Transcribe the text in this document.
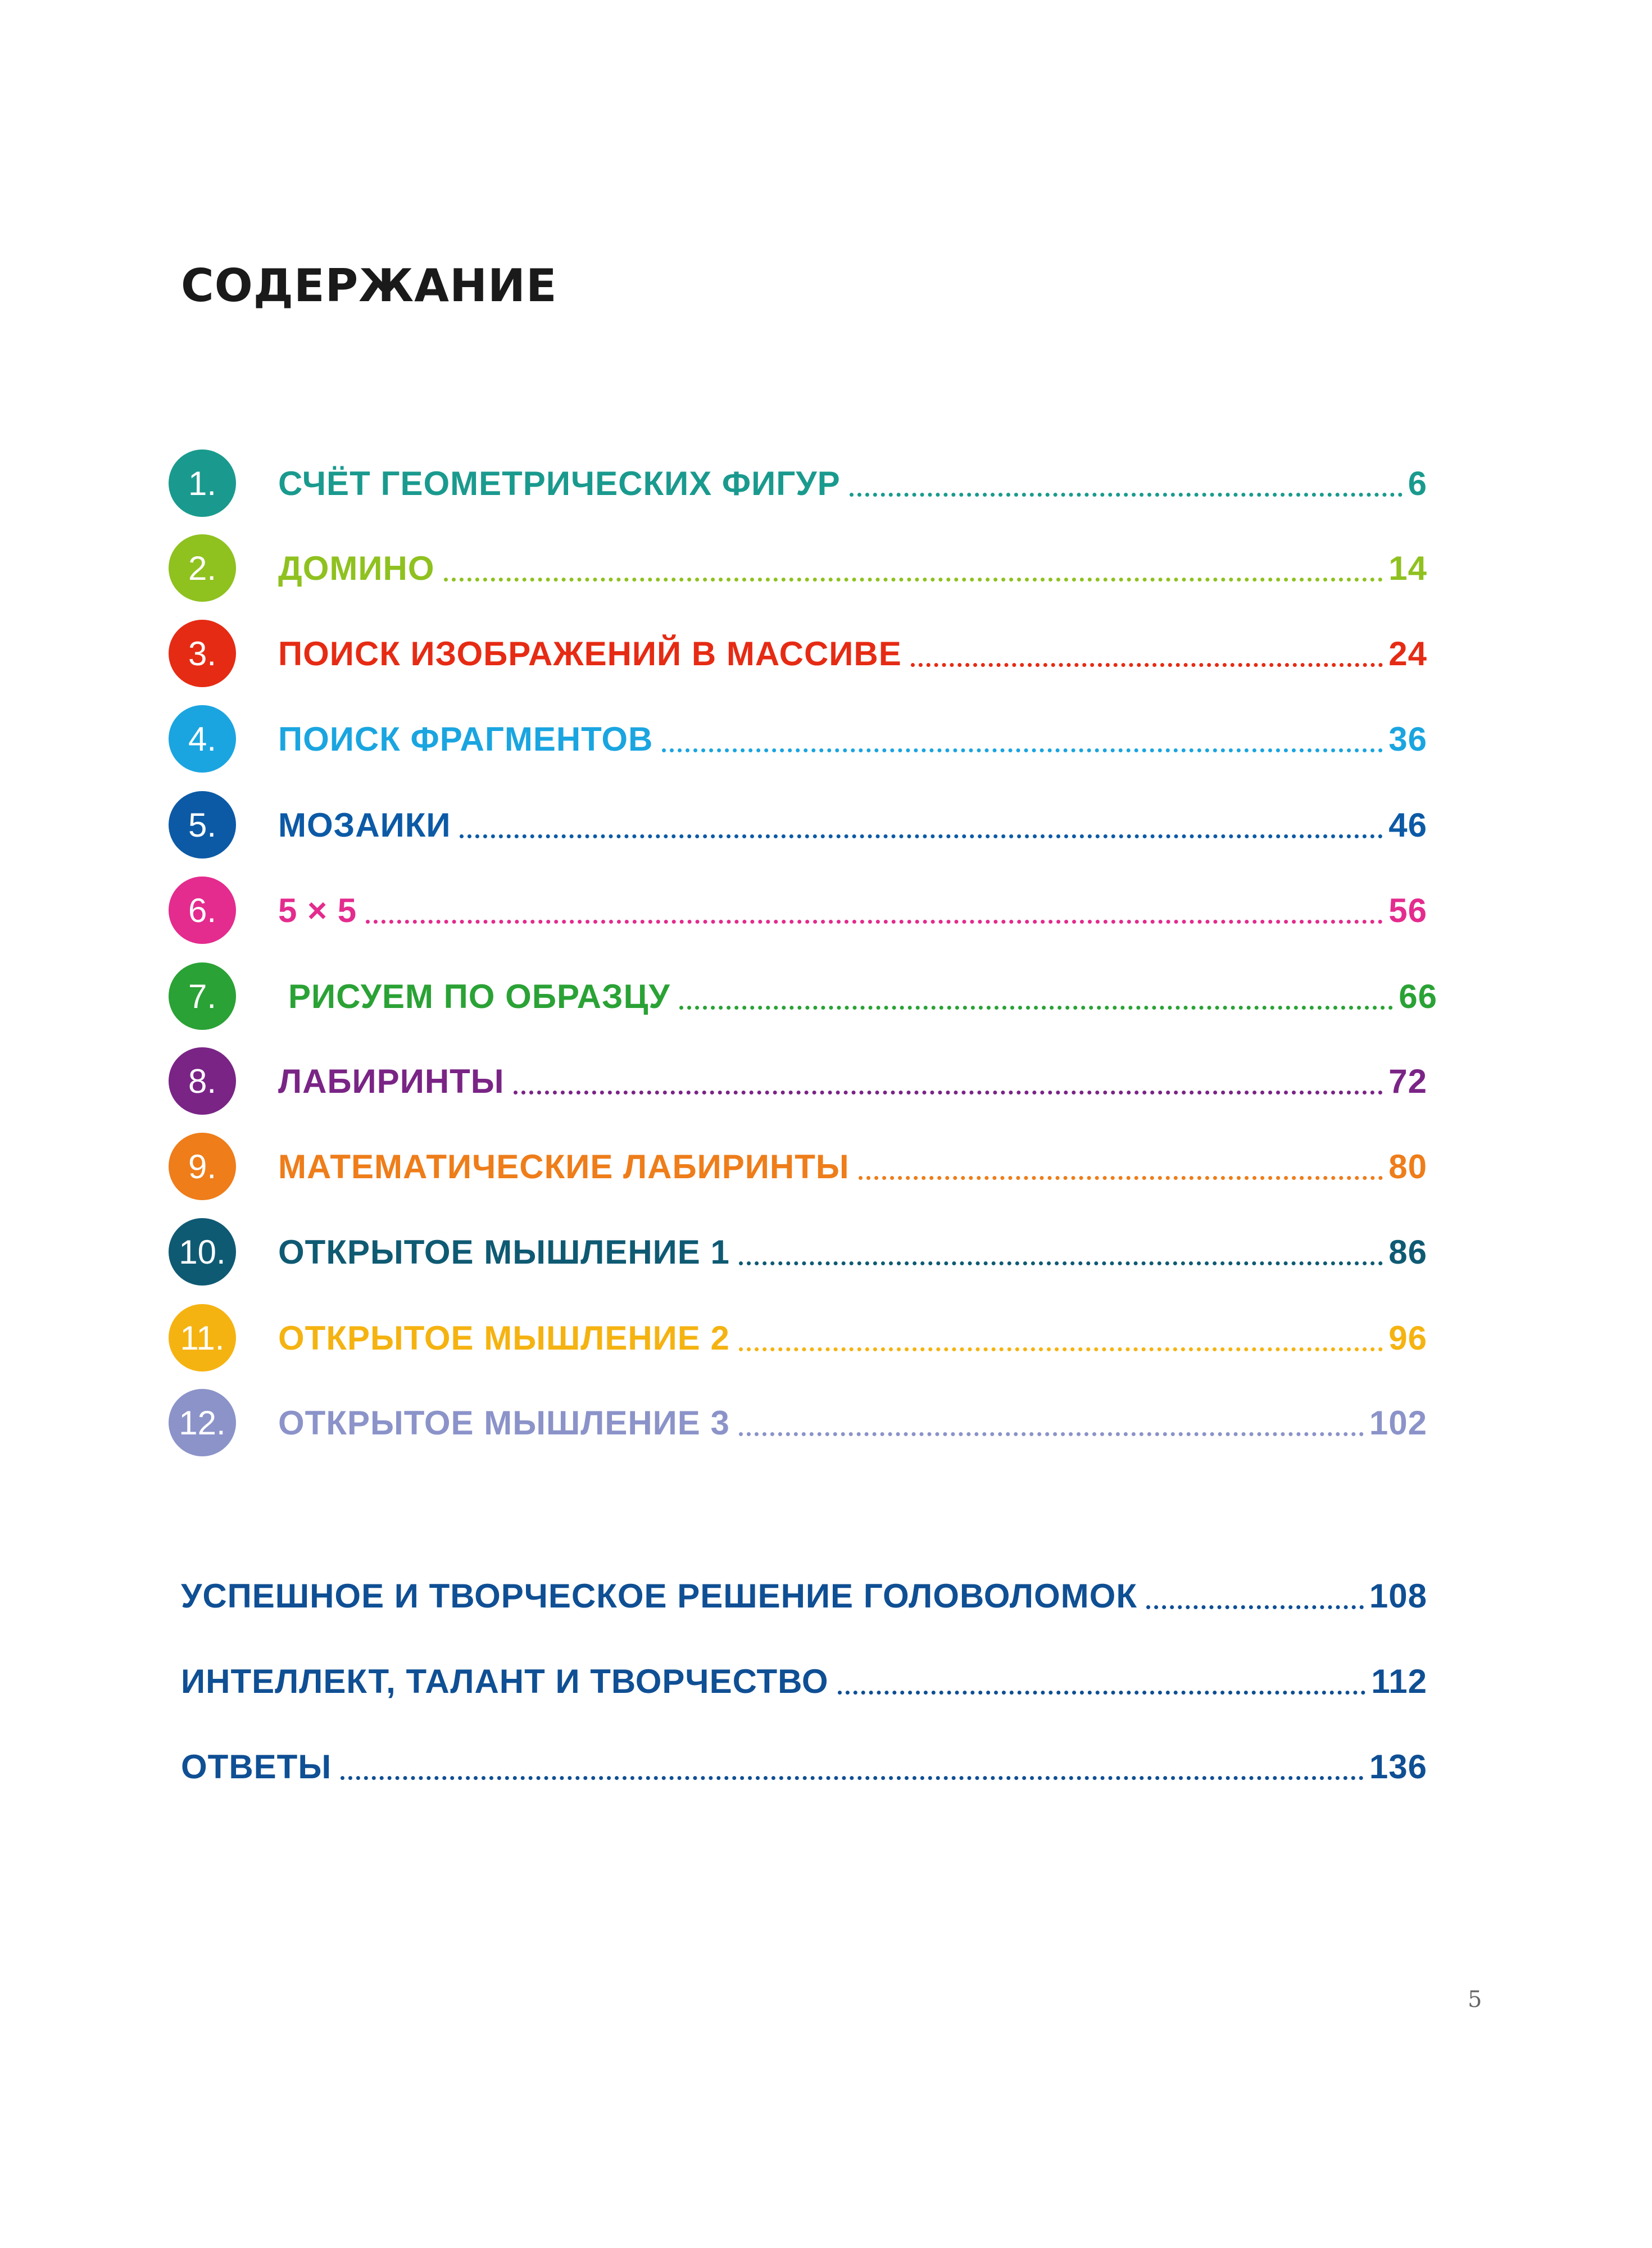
СОДЕРЖАНИЕ
1.	СЧЁТ ГЕОМЕТРИЧЕСКИХ ФИГУР	6
2.	ДОМИНО	14
3.	ПОИСК ИЗОБРАЖЕНИЙ В МАССИВЕ	24
4.	ПОИСК ФРАГМЕНТОВ	36
5.	МОЗАИКИ	46
6.	5 × 5	56
7.	РИСУЕМ ПО ОБРАЗЦУ	66
8.	ЛАБИРИНТЫ	72
9.	МАТЕМАТИЧЕСКИЕ ЛАБИРИНТЫ	80
10.	ОТКРЫТОЕ МЫШЛЕНИЕ 1	86
11.	ОТКРЫТОЕ МЫШЛЕНИЕ 2	96
12.	ОТКРЫТОЕ МЫШЛЕНИЕ 3	102
УСПЕШНОЕ И ТВОРЧЕСКОЕ РЕШЕНИЕ ГОЛОВОЛОМОК	108
ИНТЕЛЛЕКТ, ТАЛАНТ И ТВОРЧЕСТВО	112
ОТВЕТЫ	136
5
